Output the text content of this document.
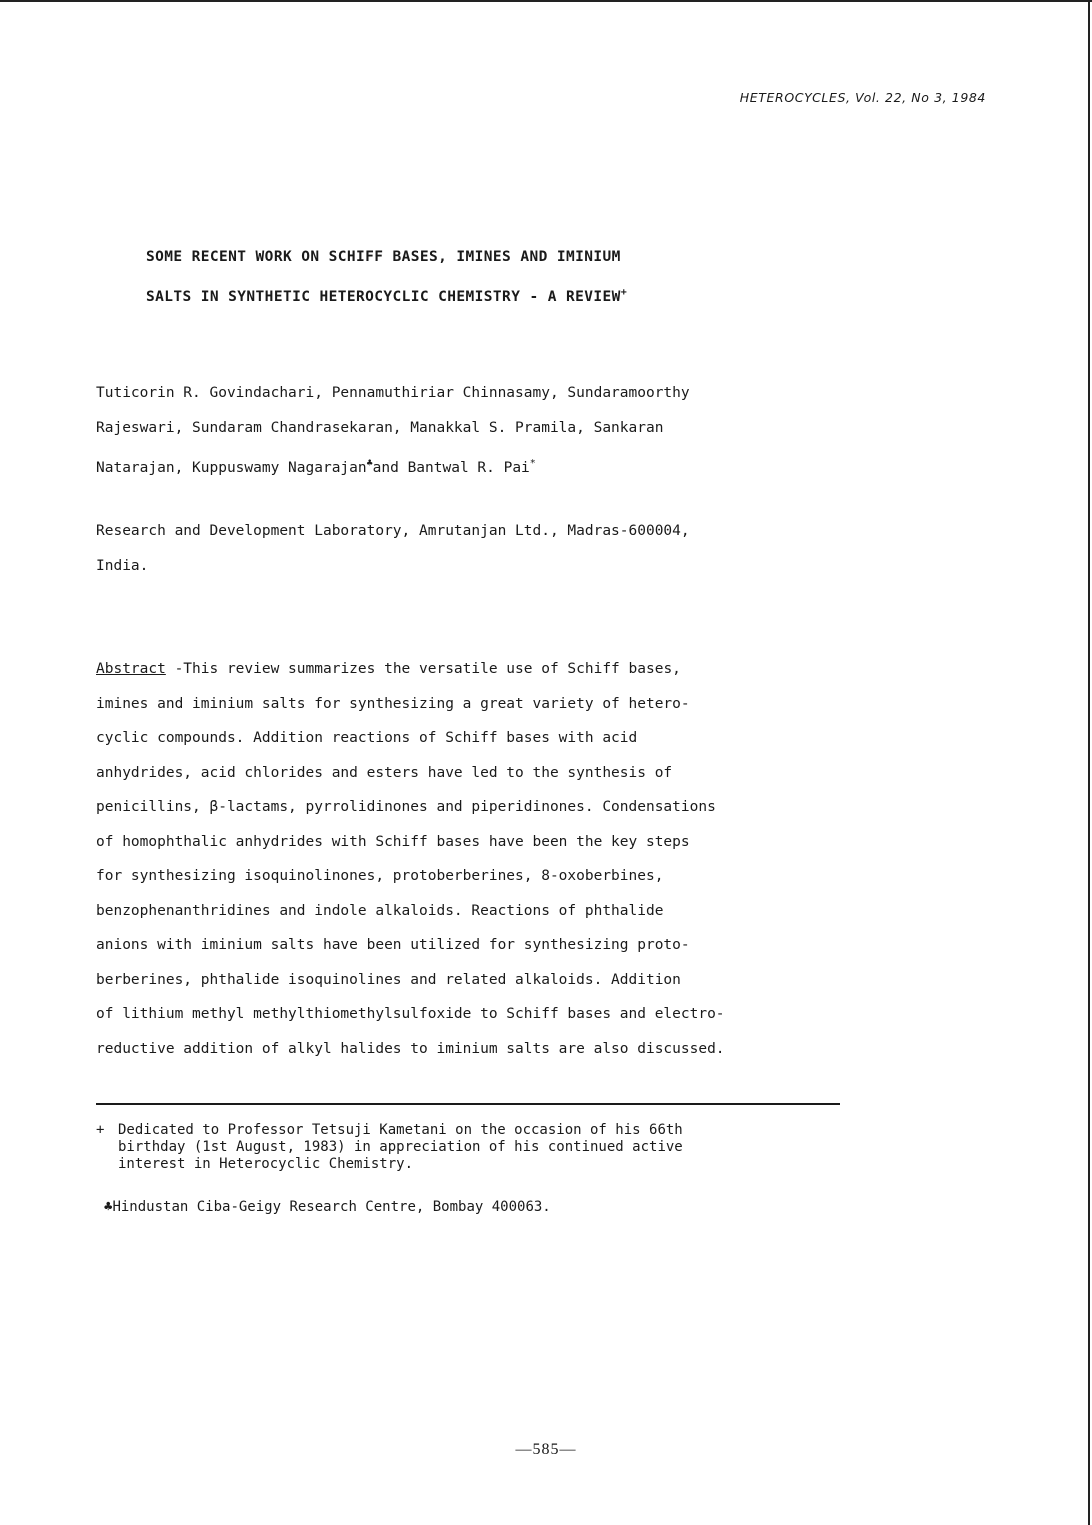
HETEROCYCLES, Vol. 22, No 3, 1984
SOME RECENT WORK ON SCHIFF BASES, IMINES AND IMINIUM
SALTS IN SYNTHETIC HETEROCYCLIC CHEMISTRY - A REVIEW+
Tuticorin R. Govindachari, Pennamuthiriar Chinnasamy, Sundaramoorthy
Rajeswari, Sundaram Chandrasekaran, Manakkal S. Pramila, Sankaran
Natarajan, Kuppuswamy Nagarajan♣and Bantwal R. Pai*
Research and Development Laboratory, Amrutanjan Ltd., Madras-600004,
India.
Abstract -This review summarizes the versatile use of Schiff bases,
imines and iminium salts for synthesizing a great variety of hetero-
cyclic compounds. Addition reactions of Schiff bases with acid
anhydrides, acid chlorides and esters have led to the synthesis of
penicillins, β-lactams, pyrrolidinones and piperidinones. Condensations
of homophthalic anhydrides with Schiff bases have been the key steps
for synthesizing isoquinolinones, protoberberines, 8-oxoberbines,
benzophenanthridines and indole alkaloids. Reactions of phthalide
anions with iminium salts have been utilized for synthesizing proto-
berberines, phthalide isoquinolines and related alkaloids. Addition
of lithium methyl methylthiomethylsulfoxide to Schiff bases and electro-
reductive addition of alkyl halides to iminium salts are also discussed.
+ Dedicated to Professor Tetsuji Kametani on the occasion of his 66th
birthday (1st August, 1983) in appreciation of his continued active
interest in Heterocyclic Chemistry.
♣Hindustan Ciba-Geigy Research Centre, Bombay 400063.
—585—
